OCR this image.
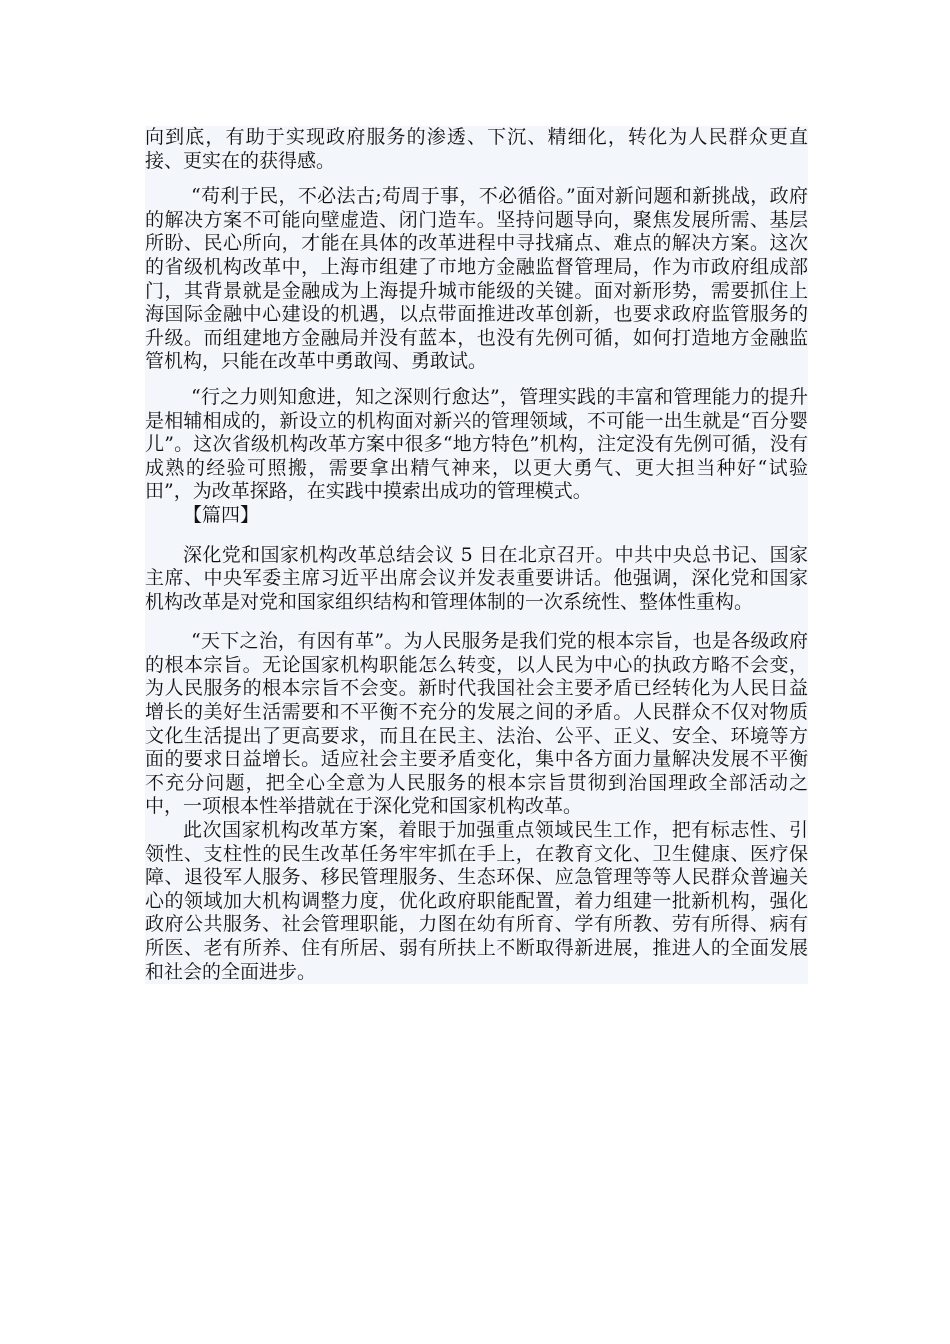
向到底，有助于实现政府服务的渗透、下沉、精细化，转化为人民群众更直接、更实在的获得感。

“苟利于民，不必法古;苟周于事，不必循俗。”面对新问题和新挑战，政府的解决方案不可能向壁虚造、闭门造车。坚持问题导向，聚焦发展所需、基层所盼、民心所向，才能在具体的改革进程中寻找痛点、难点的解决方案。这次的省级机构改革中，上海市组建了市地方金融监督管理局，作为市政府组成部门，其背景就是金融成为上海提升城市能级的关键。面对新形势，需要抓住上海国际金融中心建设的机遇，以点带面推进改革创新，也要求政府监管服务的升级。而组建地方金融局并没有蓝本，也没有先例可循，如何打造地方金融监管机构，只能在改革中勇敢闯、勇敢试。

“行之力则知愈进，知之深则行愈达”，管理实践的丰富和管理能力的提升是相辅相成的，新设立的机构面对新兴的管理领域，不可能一出生就是“百分婴儿”。这次省级机构改革方案中很多“地方特色”机构，注定没有先例可循，没有成熟的经验可照搬，需要拿出精气神来，以更大勇气、更大担当种好“试验田”，为改革探路，在实践中摸索出成功的管理模式。

【篇四】

深化党和国家机构改革总结会议 5 日在北京召开。中共中央总书记、国家主席、中央军委主席习近平出席会议并发表重要讲话。他强调，深化党和国家机构改革是对党和国家组织结构和管理体制的一次系统性、整体性重构。

“天下之治，有因有革”。为人民服务是我们党的根本宗旨，也是各级政府的根本宗旨。无论国家机构职能怎么转变，以人民为中心的执政方略不会变，为人民服务的根本宗旨不会变。新时代我国社会主要矛盾已经转化为人民日益增长的美好生活需要和不平衡不充分的发展之间的矛盾。人民群众不仅对物质文化生活提出了更高要求，而且在民主、法治、公平、正义、安全、环境等方面的要求日益增长。适应社会主要矛盾变化，集中各方面力量解决发展不平衡不充分问题，把全心全意为人民服务的根本宗旨贯彻到治国理政全部活动之中，一项根本性举措就在于深化党和国家机构改革。

此次国家机构改革方案，着眼于加强重点领域民生工作，把有标志性、引领性、支柱性的民生改革任务牢牢抓在手上，在教育文化、卫生健康、医疗保障、退役军人服务、移民管理服务、生态环保、应急管理等等人民群众普遍关心的领域加大机构调整力度，优化政府职能配置，着力组建一批新机构，强化政府公共服务、社会管理职能，力图在幼有所育、学有所教、劳有所得、病有所医、老有所养、住有所居、弱有所扶上不断取得新进展，推进人的全面发展和社会的全面进步。
